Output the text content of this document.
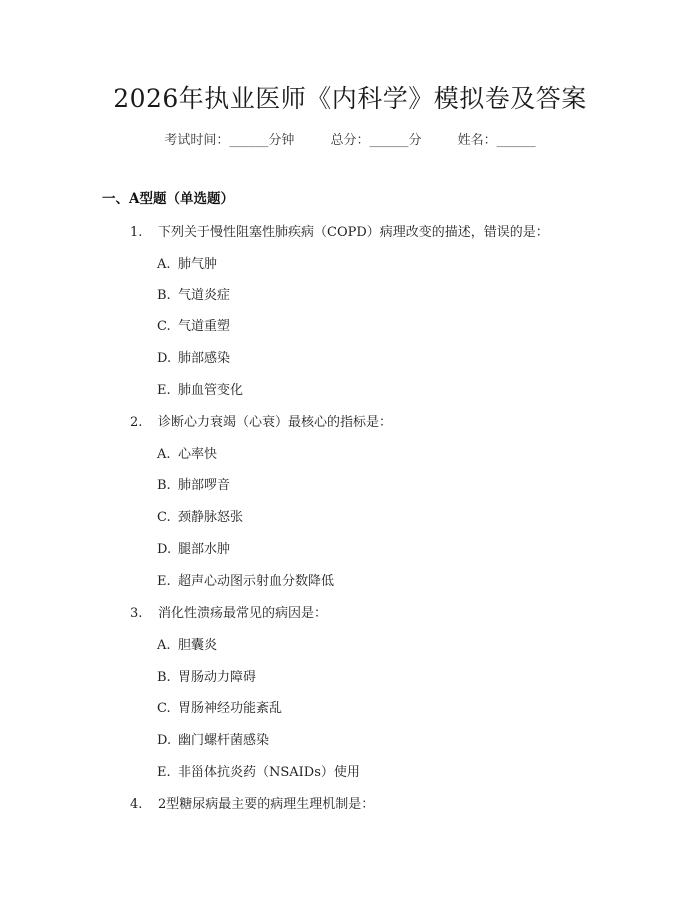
2026年执业医师《内科学》模拟卷及答案
考试时间：______分钟	总分：______分	姓名：______
一、A型题（单选题）
1. 下列关于慢性阻塞性肺疾病（COPD）病理改变的描述，错误的是：
A. 肺气肿
B. 气道炎症
C. 气道重塑
D. 肺部感染
E. 肺血管变化
2. 诊断心力衰竭（心衰）最核心的指标是：
A. 心率快
B. 肺部啰音
C. 颈静脉怒张
D. 腿部水肿
E. 超声心动图示射血分数降低
3. 消化性溃疡最常见的病因是：
A. 胆囊炎
B. 胃肠动力障碍
C. 胃肠神经功能紊乱
D. 幽门螺杆菌感染
E. 非甾体抗炎药（NSAIDs）使用
4. 2型糖尿病最主要的病理生理机制是：
